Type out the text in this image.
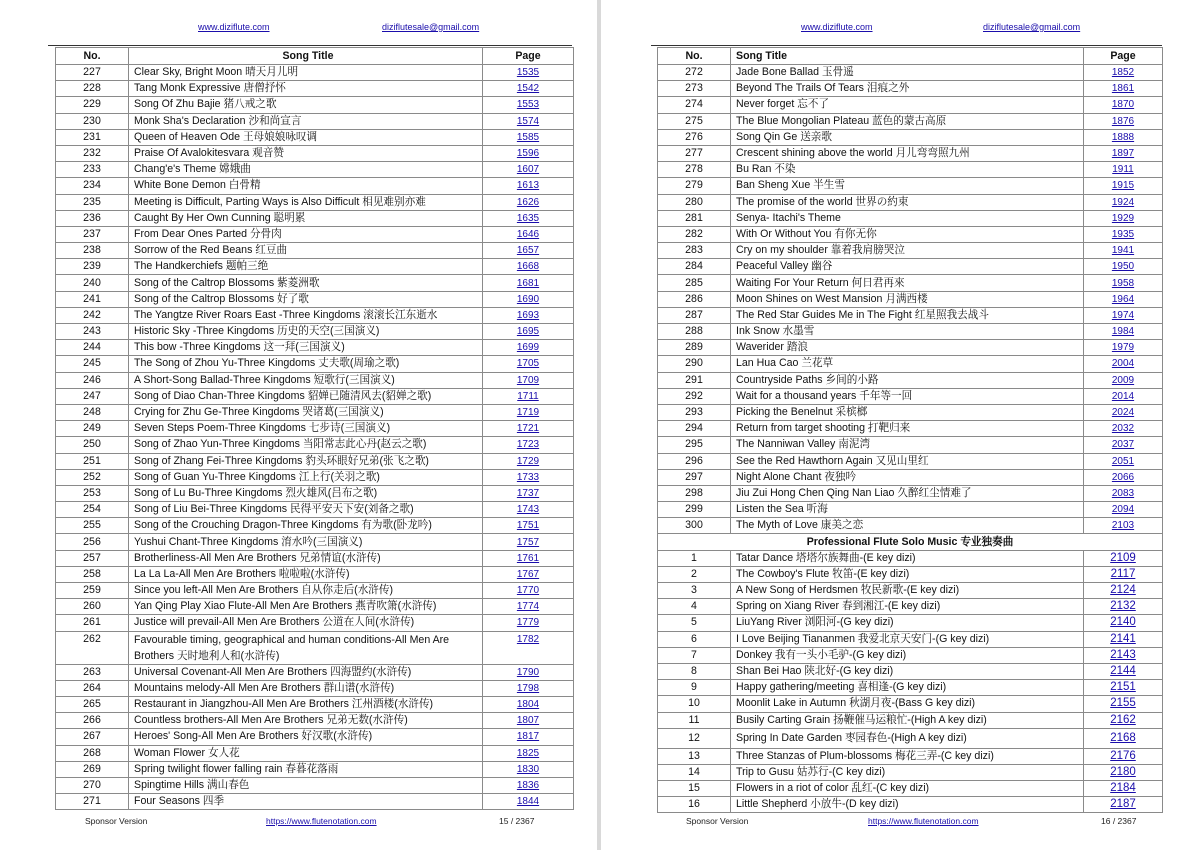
www.diziflute.com	diziflutesale@gmail.com
No.	Song Title	Page
227	Clear Sky, Bright Moon 晴天月儿明	1535
228	Tang Monk Expressive 唐僧抒怀	1542
229	Song Of Zhu Bajie 猪八戒之歌	1553
230	Monk Sha's Declaration 沙和尚宣言	1574
231	Queen of Heaven Ode 王母娘娘咏叹调	1585
232	Praise Of Avalokitesvara 观音赞	1596
233	Chang'e's Theme 嫦娥曲	1607
234	White Bone Demon 白骨精	1613
235	Meeting is Difficult, Parting Ways is Also Difficult 相见难别亦难	1626
236	Caught By Her Own Cunning 聪明累	1635
237	From Dear Ones Parted 分骨肉	1646
238	Sorrow of the Red Beans 红豆曲	1657
239	The Handkerchiefs 题帕三绝	1668
240	Song of the Caltrop Blossoms 紫菱洲歌	1681
241	Song of the Caltrop Blossoms 好了歌	1690
242	The Yangtze River Roars East -Three Kingdoms 滚滚长江东逝水	1693
243	Historic Sky -Three Kingdoms 历史的天空(三国演义)	1695
244	This bow -Three Kingdoms 这一拜(三国演义)	1699
245	The Song of Zhou Yu-Three Kingdoms 丈夫歌(周瑜之歌)	1705
246	A Short-Song Ballad-Three Kingdoms 短歌行(三国演义)	1709
247	Song of Diao Chan-Three Kingdoms 貂婵已随清风去(貂婵之歌)	1711
248	Crying for Zhu Ge-Three Kingdoms 哭诸葛(三国演义)	1719
249	Seven Steps Poem-Three Kingdoms 七步诗(三国演义)	1721
250	Song of Zhao Yun-Three Kingdoms 当阳常志此心丹(赵云之歌)	1723
251	Song of Zhang Fei-Three Kingdoms 豹头环眼好兄弟(张飞之歌)	1729
252	Song of Guan Yu-Three Kingdoms 江上行(关羽之歌)	1733
253	Song of Lu Bu-Three Kingdoms 烈火雄风(吕布之歌)	1737
254	Song of Liu Bei-Three Kingdoms 民得平安天下安(刘备之歌)	1743
255	Song of the Crouching Dragon-Three Kingdoms 有为歌(卧龙吟)	1751
256	Yushui Chant-Three Kingdoms 淯水吟(三国演义)	1757
257	Brotherliness-All Men Are Brothers 兄弟情谊(水浒传)	1761
258	La La La-All Men Are Brothers 啦啦啦(水浒传)	1767
259	Since you left-All Men Are Brothers 自从你走后(水浒传)	1770
260	Yan Qing Play Xiao Flute-All Men Are Brothers 燕青吹箫(水浒传)	1774
261	Justice will prevail-All Men Are Brothers 公道在人间(水浒传)	1779
262	Favourable timing, geographical and human conditions-All Men Are Brothers 天时地利人和(水浒传)	1782
263	Universal Covenant-All Men Are Brothers 四海盟约(水浒传)	1790
264	Mountains melody-All Men Are Brothers 群山谱(水浒传)	1798
265	Restaurant in Jiangzhou-All Men Are Brothers 江州酒楼(水浒传)	1804
266	Countless brothers-All Men Are Brothers 兄弟无数(水浒传)	1807
267	Heroes' Song-All Men Are Brothers 好汉歌(水浒传)	1817
268	Woman Flower 女人花	1825
269	Spring twilight flower falling rain 春暮花落雨	1830
270	Spingtime Hills 满山春色	1836
271	Four Seasons 四季	1844
Sponsor Version	https://www.flutenotation.com	15 / 2367
www.diziflute.com	diziflutesale@gmail.com
No.	Song Title	Page
272	Jade Bone Ballad 玉骨遥	1852
273	Beyond The Trails Of Tears 泪痕之外	1861
274	Never forget 忘不了	1870
275	The Blue Mongolian Plateau 蓝色的蒙古高原	1876
276	Song Qin Ge 送亲歌	1888
277	Crescent shining above the world 月儿弯弯照九州	1897
278	Bu Ran 不染	1911
279	Ban Sheng Xue 半生雪	1915
280	The promise of the world 世界の約束	1924
281	Senya- Itachi's Theme	1929
282	With Or Without You 有你无你	1935
283	Cry on my shoulder 靠着我肩膀哭泣	1941
284	Peaceful Valley 幽谷	1950
285	Waiting For Your Return 何日君再來	1958
286	Moon Shines on West Mansion 月满西楼	1964
287	The Red Star Guides Me in The Fight 红星照我去战斗	1974
288	Ink Snow 水墨雪	1984
289	Waverider 踏浪	1979
290	Lan Hua Cao 兰花草	2004
291	Countryside Paths 乡间的小路	2009
292	Wait for a thousand years 千年等一回	2014
293	Picking the Benelnut 采槟榔	2024
294	Return from target shooting 打靶归来	2032
295	The Nanniwan Valley 南泥湾	2037
296	See the Red Hawthorn Again 又见山里红	2051
297	Night Alone Chant 夜独吟	2066
298	Jiu Zui Hong Chen Qing Nan Liao 久醉红尘情难了	2083
299	Listen the Sea 听海	2094
300	The Myth of Love 康美之恋	2103
Professional Flute Solo Music 专业独奏曲		
1	Tatar Dance 塔塔尔族舞曲-(E key dizi)	2109
2	The Cowboy's Flute 牧笛-(E key dizi)	2117
3	A New Song of Herdsmen 牧民新歌-(E key dizi)	2124
4	Spring on Xiang River 春到湘江-(E key dizi)	2132
5	LiuYang River 浏阳河-(G key dizi)	2140
6	I Love Beijing Tiananmen 我爱北京天安门-(G key dizi)	2141
7	Donkey 我有一头小毛驴-(G key dizi)	2143
8	Shan Bei Hao 陕北好-(G key dizi)	2144
9	Happy gathering/meeting 喜相逢-(G key dizi)	2151
10	Moonlit Lake in Autumn 秋湖月夜-(Bass G key dizi)	2155
11	Busily Carting Grain 扬鞭催马运粮忙-(High A key dizi)	2162
12	Spring In Date Garden 枣园春色-(High A key dizi)	2168
13	Three Stanzas of Plum-blossoms 梅花三弄-(C key dizi)	2176
14	Trip to Gusu 姑苏行-(C key dizi)	2180
15	Flowers in a riot of color 乱红-(C key dizi)	2184
16	Little Shepherd 小放牛-(D key dizi)	2187
Sponsor Version	https://www.flutenotation.com	16 / 2367
